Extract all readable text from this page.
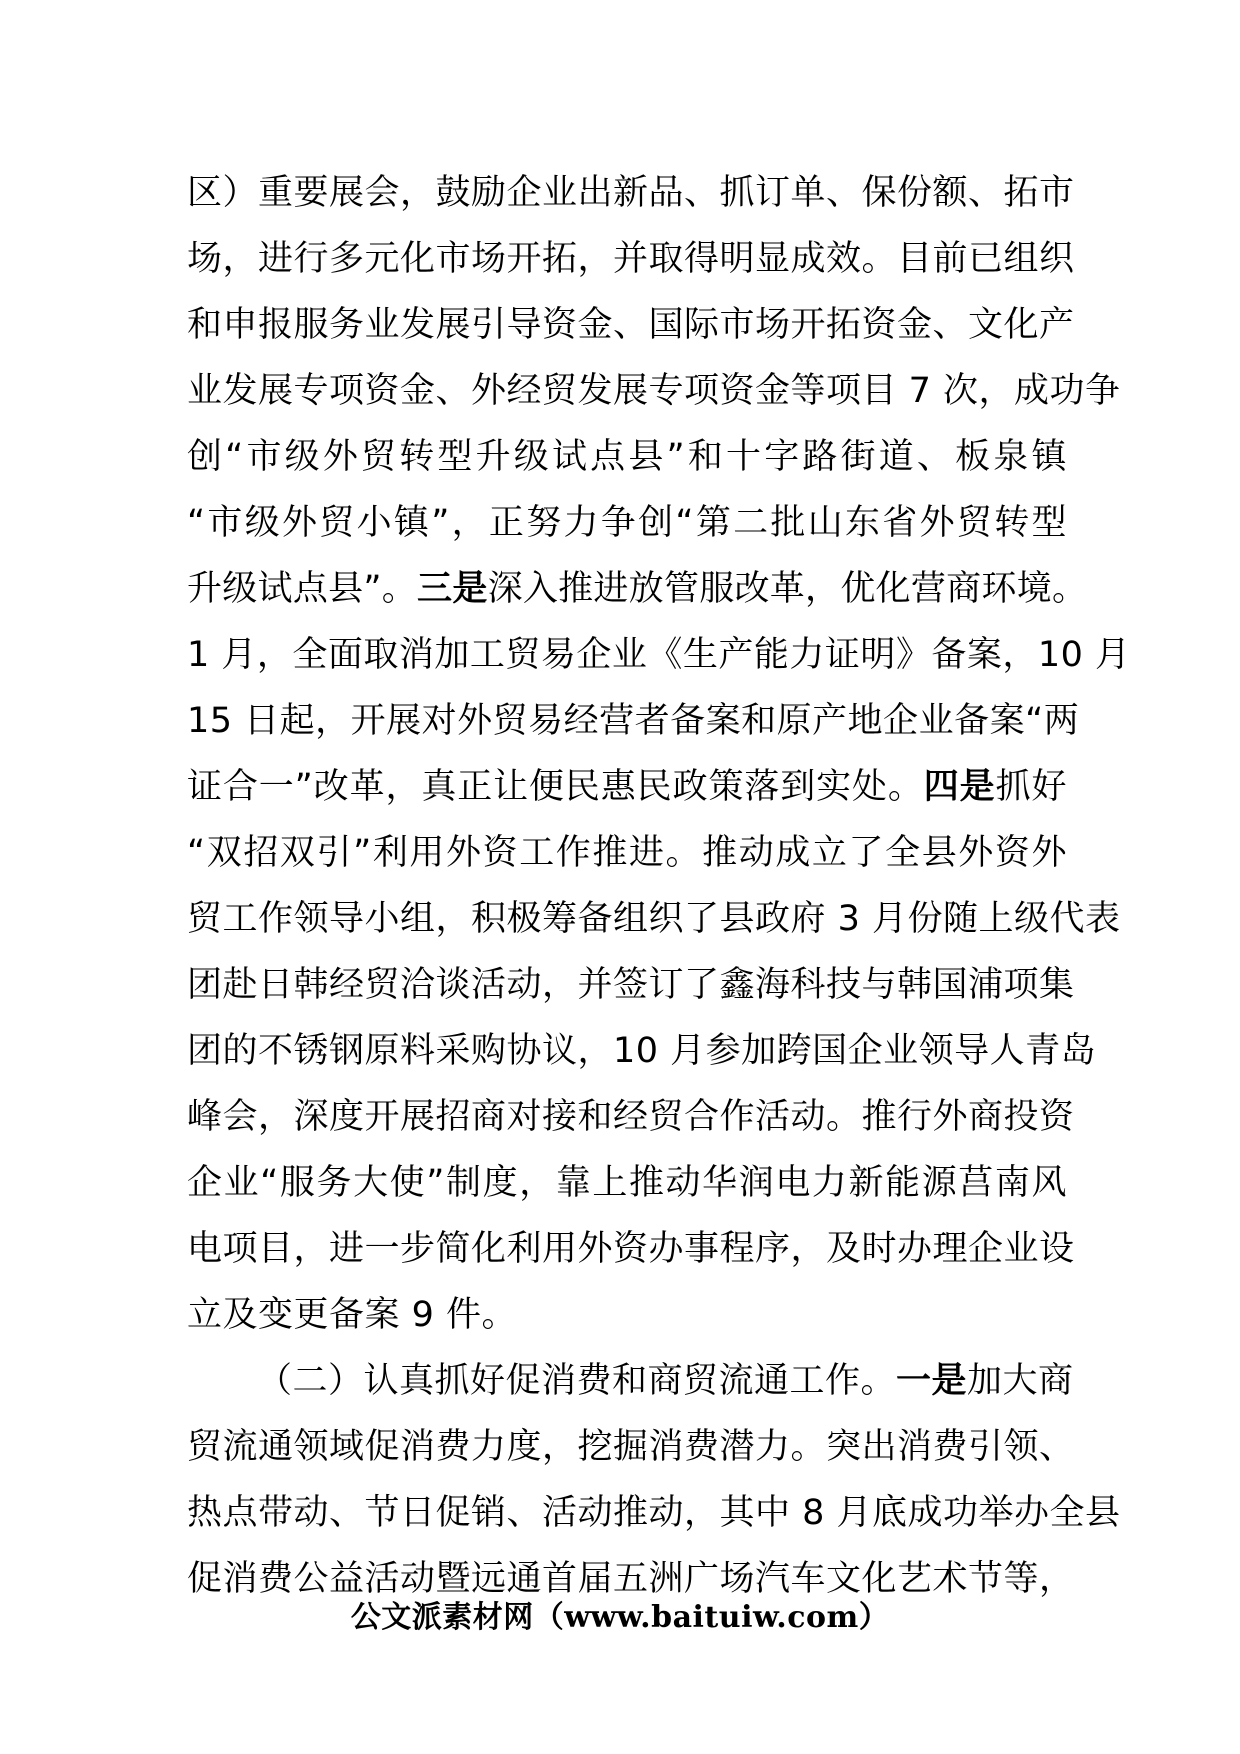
区）重要展会，鼓励企业出新品、抓订单、保份额、拓市
场，进行多元化市场开拓，并取得明显成效。目前已组织
和申报服务业发展引导资金、国际市场开拓资金、文化产
业发展专项资金、外经贸发展专项资金等项目 7 次，成功争
创“市级外贸转型升级试点县”和十字路街道、板泉镇
“市级外贸小镇”，正努力争创“第二批山东省外贸转型
升级试点县”。三是深入推进放管服改革，优化营商环境。
1 月，全面取消加工贸易企业《生产能力证明》备案，10 月
15 日起，开展对外贸易经营者备案和原产地企业备案“两
证合一”改革，真正让便民惠民政策落到实处。四是抓好
“双招双引”利用外资工作推进。推动成立了全县外资外
贸工作领导小组，积极筹备组织了县政府 3 月份随上级代表
团赴日韩经贸洽谈活动，并签订了鑫海科技与韩国浦项集
团的不锈钢原料采购协议，10 月参加跨国企业领导人青岛
峰会，深度开展招商对接和经贸合作活动。推行外商投资
企业“服务大使”制度，靠上推动华润电力新能源莒南风
电项目，进一步简化利用外资办事程序，及时办理企业设
立及变更备案 9 件。
（二）认真抓好促消费和商贸流通工作。一是加大商
贸流通领域促消费力度，挖掘消费潜力。突出消费引领、
热点带动、节日促销、活动推动，其中 8 月底成功举办全县
促消费公益活动暨远通首届五洲广场汽车文化艺术节等，
公文派素材网（www.baituiw.com）
